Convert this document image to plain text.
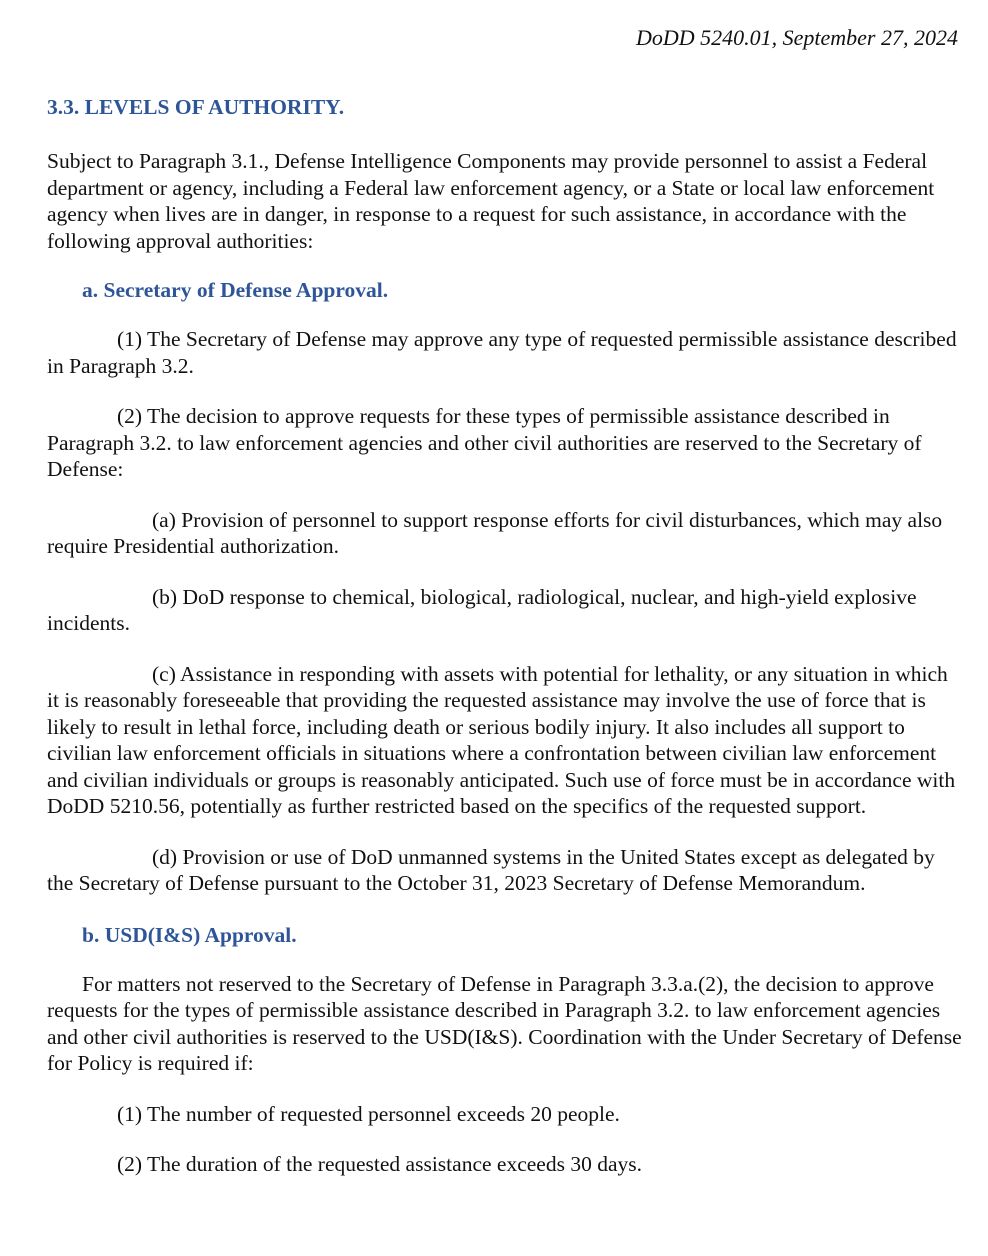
DoDD 5240.01, September 27, 2024
3.3. LEVELS OF AUTHORITY.

Subject to Paragraph 3.1., Defense Intelligence Components may provide personnel to assist a Federal department or agency, including a Federal law enforcement agency, or a State or local law enforcement agency when lives are in danger, in response to a request for such assistance, in accordance with the following approval authorities:

a. Secretary of Defense Approval.

(1) The Secretary of Defense may approve any type of requested permissible assistance described in Paragraph 3.2.

(2) The decision to approve requests for these types of permissible assistance described in Paragraph 3.2. to law enforcement agencies and other civil authorities are reserved to the Secretary of Defense:

(a) Provision of personnel to support response efforts for civil disturbances, which may also require Presidential authorization.

(b) DoD response to chemical, biological, radiological, nuclear, and high-yield explosive incidents.

(c) Assistance in responding with assets with potential for lethality, or any situation in which it is reasonably foreseeable that providing the requested assistance may involve the use of force that is likely to result in lethal force, including death or serious bodily injury. It also includes all support to civilian law enforcement officials in situations where a confrontation between civilian law enforcement and civilian individuals or groups is reasonably anticipated. Such use of force must be in accordance with DoDD 5210.56, potentially as further restricted based on the specifics of the requested support.

(d) Provision or use of DoD unmanned systems in the United States except as delegated by the Secretary of Defense pursuant to the October 31, 2023 Secretary of Defense Memorandum.

b. USD(I&S) Approval.

For matters not reserved to the Secretary of Defense in Paragraph 3.3.a.(2), the decision to approve requests for the types of permissible assistance described in Paragraph 3.2. to law enforcement agencies and other civil authorities is reserved to the USD(I&S). Coordination with the Under Secretary of Defense for Policy is required if:

(1) The number of requested personnel exceeds 20 people.

(2) The duration of the requested assistance exceeds 30 days.
